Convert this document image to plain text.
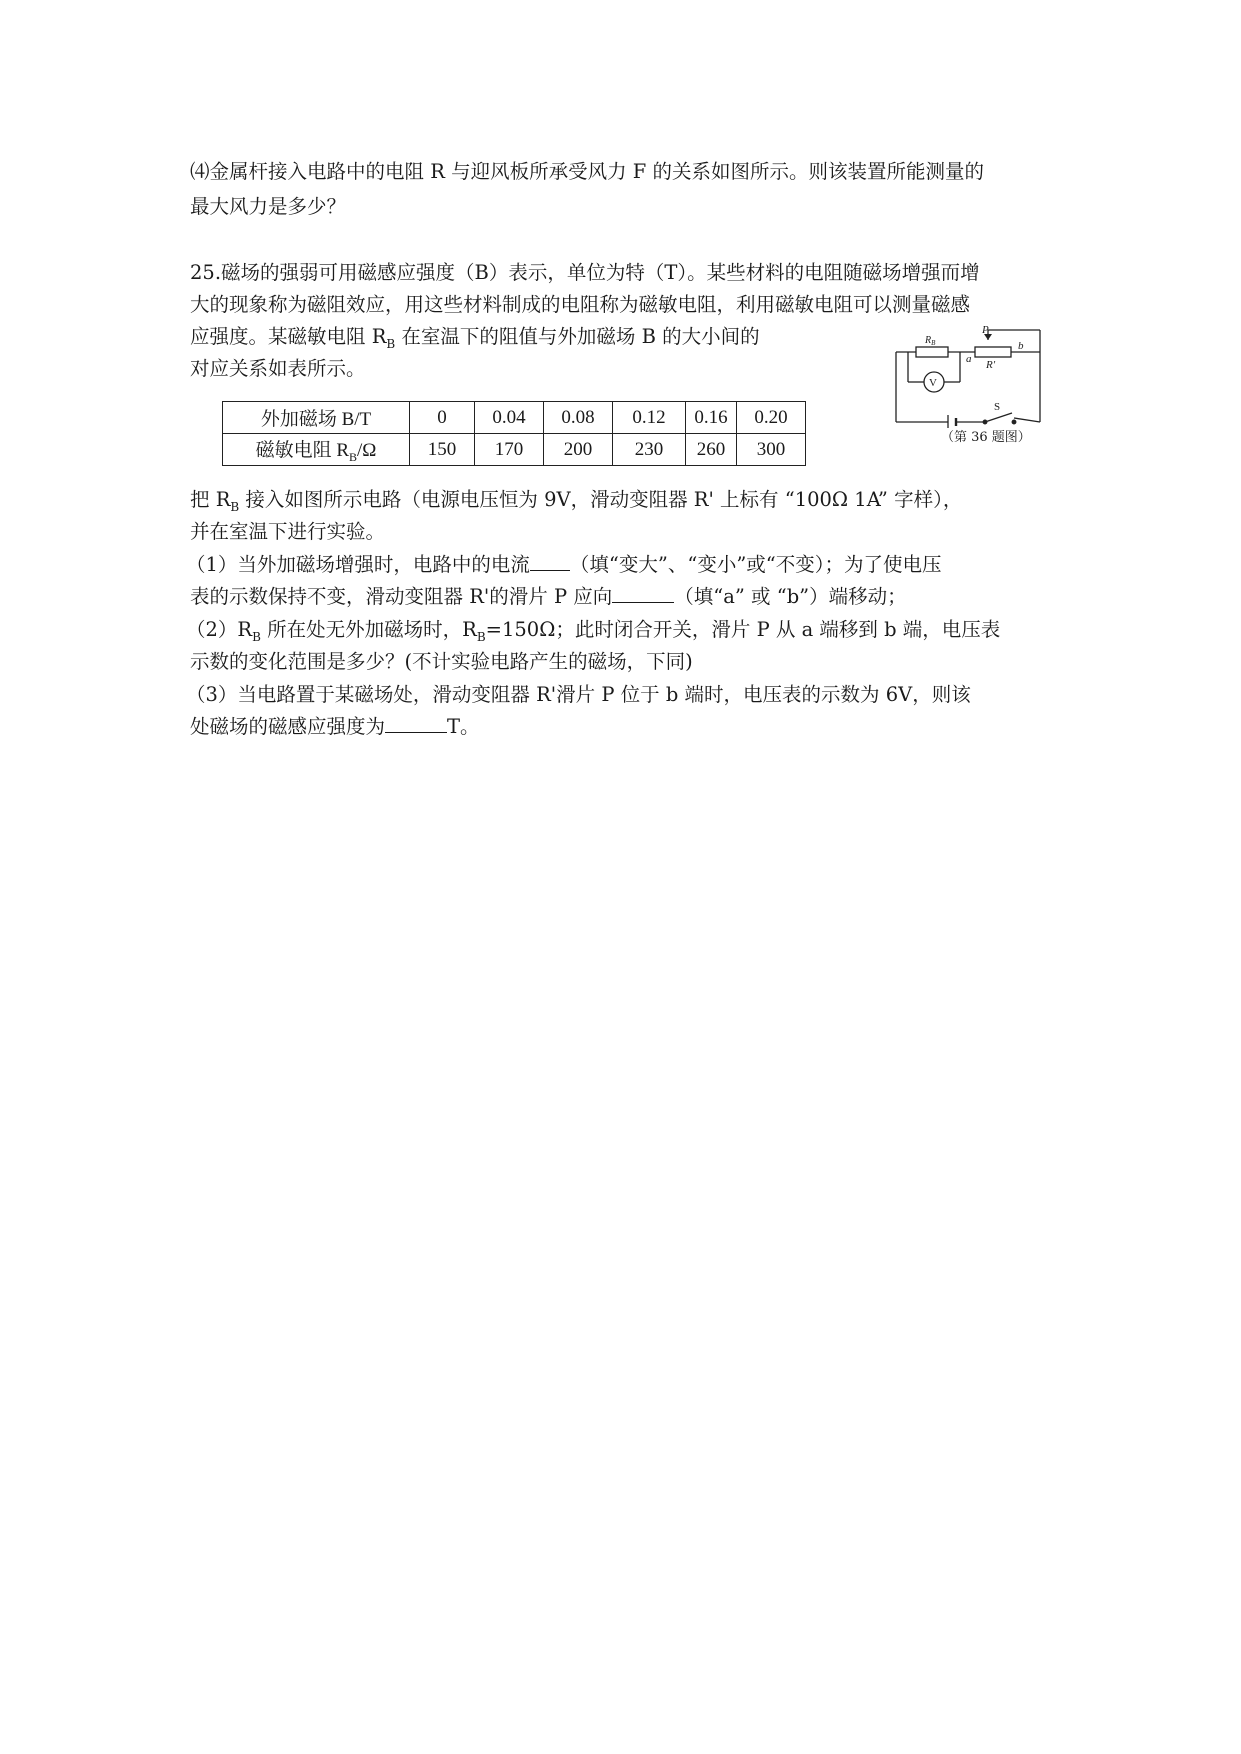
⑷金属杆接入电路中的电阻 R 与迎风板所承受风力 F 的关系如图所示。则该装置所能测量的
最大风力是多少？
25.磁场的强弱可用磁感应强度（B）表示，单位为特（T）。某些材料的电阻随磁场增强而增
大的现象称为磁阻效应，用这些材料制成的电阻称为磁敏电阻，利用磁敏电阻可以测量磁感
应强度。某磁敏电阻 $R_B$ 在室温下的阻值与外加磁场 B 的大小间的
对应关系如表所示。
外加磁场 B/T	0	0.04	0.08	0.12	0.16	0.20
磁敏电阻 $R_B/\Omega$	150	170	200	230	260	300
$R_B$
P
a
b
R′
V
S
（第 36 题图）
把 $R_B$ 接入如图所示电路（电源电压恒为 9V，滑动变阻器 R' 上标有 “100Ω 1A” 字样），
并在室温下进行实验。
（1）当外加磁场增强时，电路中的电流 （填“变大”、“变小”或“不变）；为了使电压
表的示数保持不变，滑动变阻器 R'的滑片 P 应向	（填“a” 或 “b”）端移动；
$(2)R_B$ 所在处无外加磁场时，$R_B=150\Omega$；此时闭合开关，滑片 P 从 a 端移到 b 端，电压表
示数的变化范围是多少？(不计实验电路产生的磁场，下同)
（3）当电路置于某磁场处，滑动变阻器 R'滑片 P 位于 b 端时，电压表的示数为 6V，则该
处磁场的磁感应强度为	T。
